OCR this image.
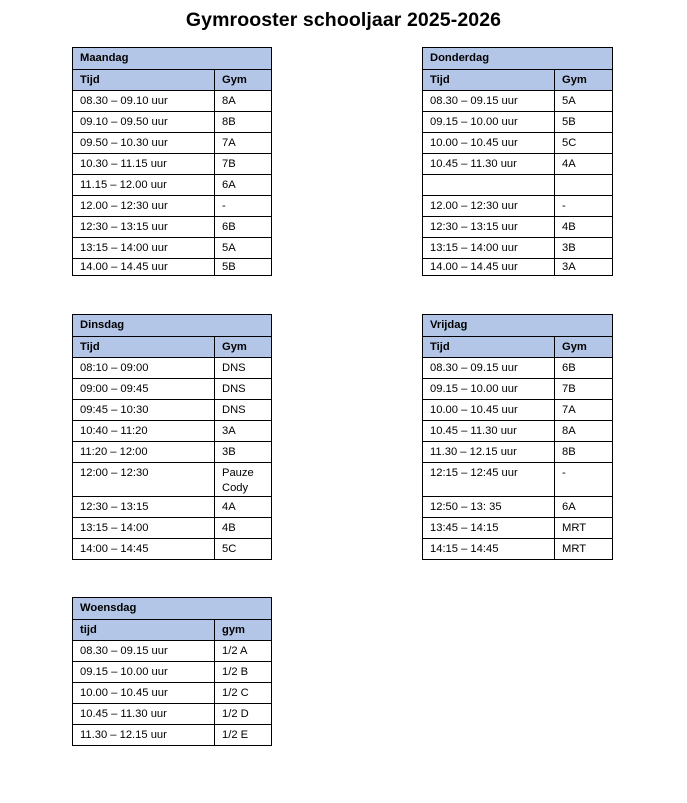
Gymrooster schooljaar 2025-2026
Maandag	
Tijd	Gym
08.30 – 09.10 uur	8A
09.10 – 09.50 uur	8B
09.50 – 10.30 uur	7A
10.30 – 11.15 uur	7B
11.15 – 12.00 uur	6A
12.00 – 12:30 uur	-
12:30 – 13:15 uur	6B
13:15 – 14:00 uur	5A
14.00 – 14.45 uur	5B
Donderdag	
Tijd	Gym
08.30 – 09.15 uur	5A
09.15 – 10.00 uur	5B
10.00 – 10.45 uur	5C
10.45 – 11.30 uur	4A

12.00 – 12:30 uur	-
12:30 – 13:15 uur	4B
13:15 – 14:00 uur	3B
14.00 – 14.45 uur	3A
Dinsdag	
Tijd	Gym
08:10 – 09:00	DNS
09:00 – 09:45	DNS
09:45 – 10:30	DNS
10:40 – 11:20	3A
11:20 – 12:00	3B
12:00 – 12:30	Pauze Cody
12:30 – 13:15	4A
13:15 – 14:00	4B
14:00 – 14:45	5C
Vrijdag	
Tijd	Gym
08.30 – 09.15 uur	6B
09.15 – 10.00 uur	7B
10.00 – 10.45 uur	7A
10.45 – 11.30 uur	8A
11.30 – 12.15 uur	8B
12:15 – 12:45 uur	-
12:50 – 13: 35	6A
13:45 – 14:15	MRT
14:15 – 14:45	MRT
Woensdag	
tijd	gym
08.30 – 09.15 uur	1/2 A
09.15 – 10.00 uur	1/2 B
10.00 – 10.45 uur	1/2 C
10.45 – 11.30 uur	1/2 D
11.30 – 12.15 uur	1/2 E
